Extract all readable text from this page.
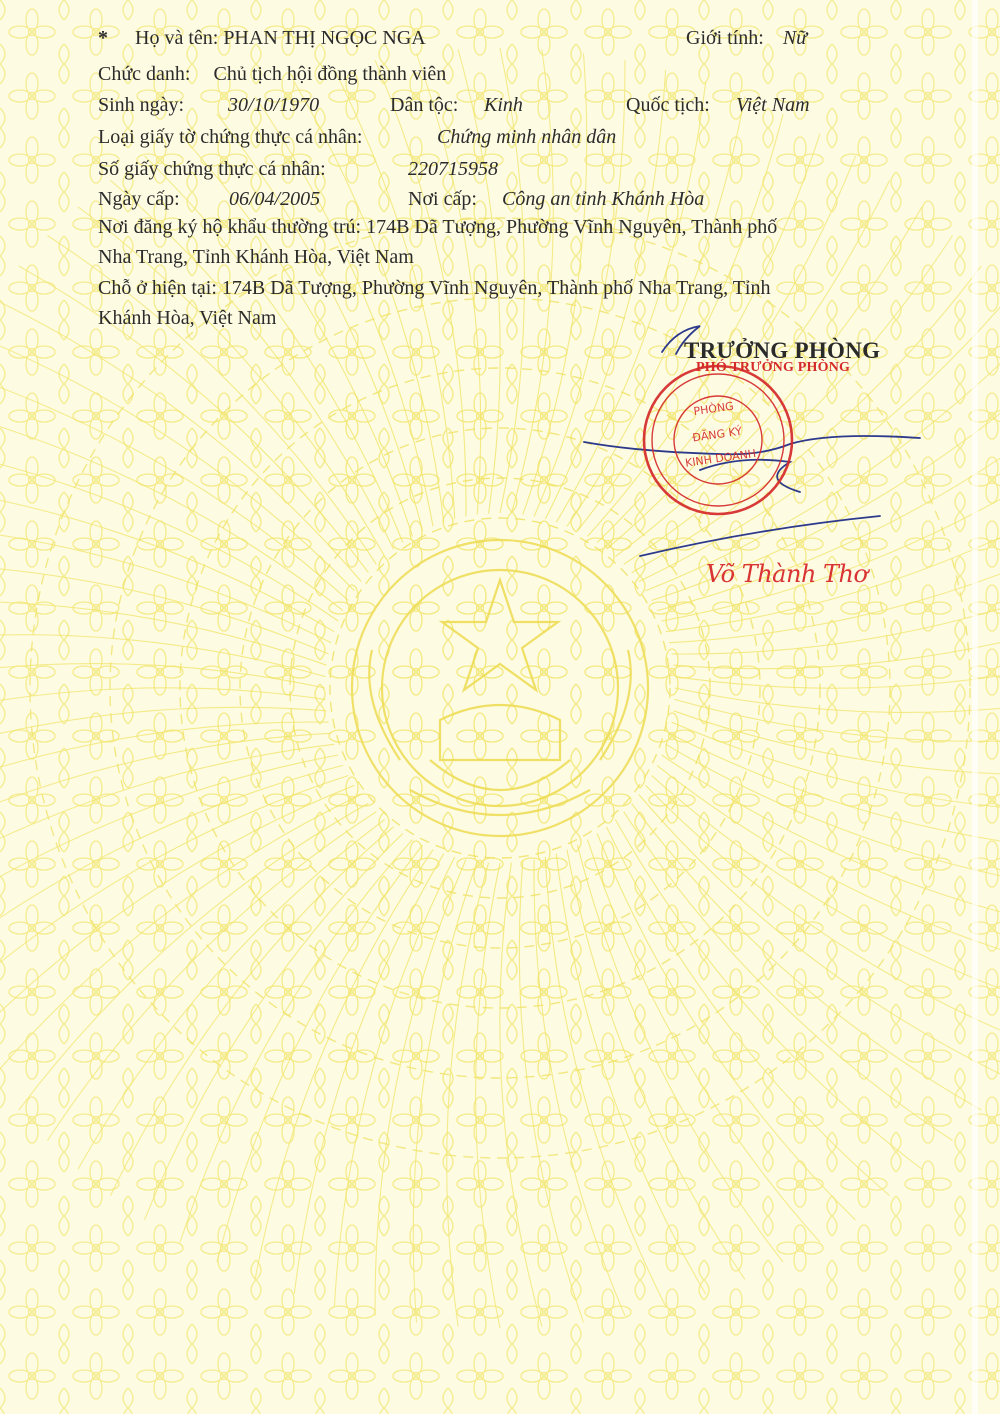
* Họ và tên: PHAN THỊ NGỌC NGA	Giới tính: Nữ
Chức danh: Chủ tịch hội đồng thành viên
Sinh ngày: 30/10/1970	Dân tộc: Kinh	Quốc tịch: Việt Nam
Loại giấy tờ chứng thực cá nhân:	Chứng minh nhân dân
Số giấy chứng thực cá nhân:	220715958
Ngày cấp: 06/04/2005	Nơi cấp: Công an tỉnh Khánh Hòa
Nơi đăng ký hộ khẩu thường trú: 174B Dã Tượng, Phường Vĩnh Nguyên, Thành phố
Nha Trang, Tỉnh Khánh Hòa, Việt Nam
Chỗ ở hiện tại: 174B Dã Tượng, Phường Vĩnh Nguyên, Thành phố Nha Trang, Tỉnh
Khánh Hòa, Việt Nam
PHÒNG
ĐĂNG KÝ
KINH DOANH
TRƯỞNG PHÒNG
PHÓ TRƯỞNG PHÒNG
Võ Thành Thơ
